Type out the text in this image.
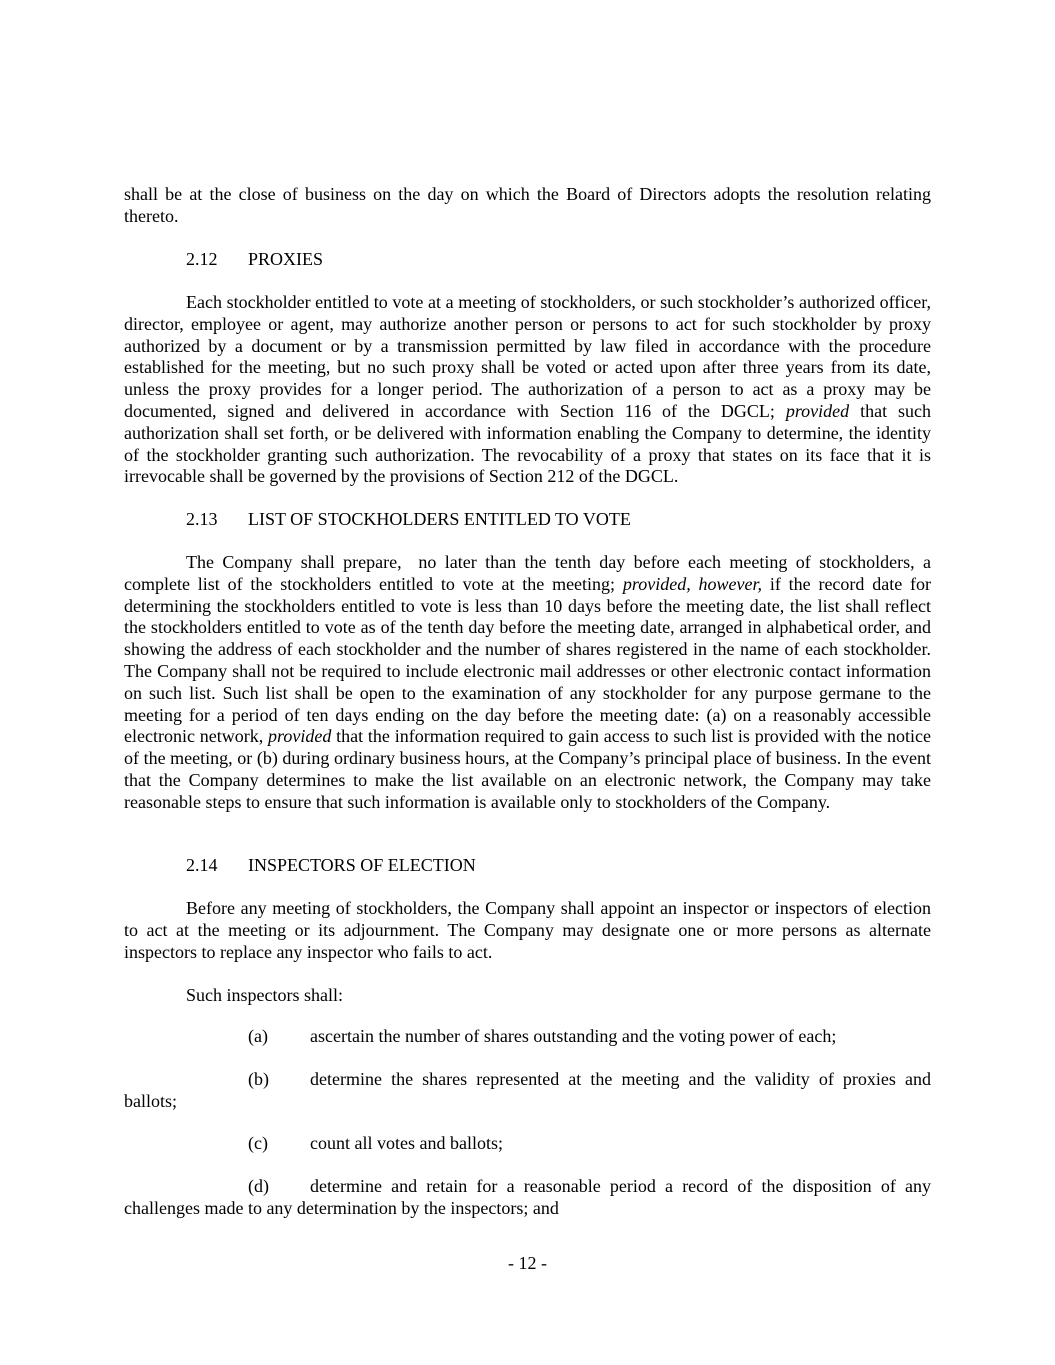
shall be at the close of business on the day on which the Board of Directors adopts the resolution relating thereto.

2.12 PROXIES

Each stockholder entitled to vote at a meeting of stockholders, or such stockholder’s authorized officer, director, employee or agent, may authorize another person or persons to act for such stockholder by proxy authorized by a document or by a transmission permitted by law filed in accordance with the procedure established for the meeting, but no such proxy shall be voted or acted upon after three years from its date, unless the proxy provides for a longer period. The authorization of a person to act as a proxy may be documented, signed and delivered in accordance with Section 116 of the DGCL; provided that such authorization shall set forth, or be delivered with information enabling the Company to determine, the identity of the stockholder granting such authorization. The revocability of a proxy that states on its face that it is irrevocable shall be governed by the provisions of Section 212 of the DGCL.

2.13 LIST OF STOCKHOLDERS ENTITLED TO VOTE

The Company shall prepare,  no later than the tenth day before each meeting of stockholders, a complete list of the stockholders entitled to vote at the meeting; provided, however, if the record date for determining the stockholders entitled to vote is less than 10 days before the meeting date, the list shall reflect the stockholders entitled to vote as of the tenth day before the meeting date, arranged in alphabetical order, and showing the address of each stockholder and the number of shares registered in the name of each stockholder. The Company shall not be required to include electronic mail addresses or other electronic contact information on such list. Such list shall be open to the examination of any stockholder for any purpose germane to the meeting for a period of ten days ending on the day before the meeting date: (a) on a reasonably accessible electronic network, provided that the information required to gain access to such list is provided with the notice of the meeting, or (b) during ordinary business hours, at the Company’s principal place of business. In the event that the Company determines to make the list available on an electronic network, the Company may take reasonable steps to ensure that such information is available only to stockholders of the Company.

2.14 INSPECTORS OF ELECTION

Before any meeting of stockholders, the Company shall appoint an inspector or inspectors of election to act at the meeting or its adjournment. The Company may designate one or more persons as alternate inspectors to replace any inspector who fails to act.

Such inspectors shall:

(a) ascertain the number of shares outstanding and the voting power of each;

(b) determine the shares represented at the meeting and the validity of proxies and

ballots;

(c) count all votes and ballots;

(d) determine and retain for a reasonable period a record of the disposition of any challenges made to any determination by the inspectors; and

- 12 -
